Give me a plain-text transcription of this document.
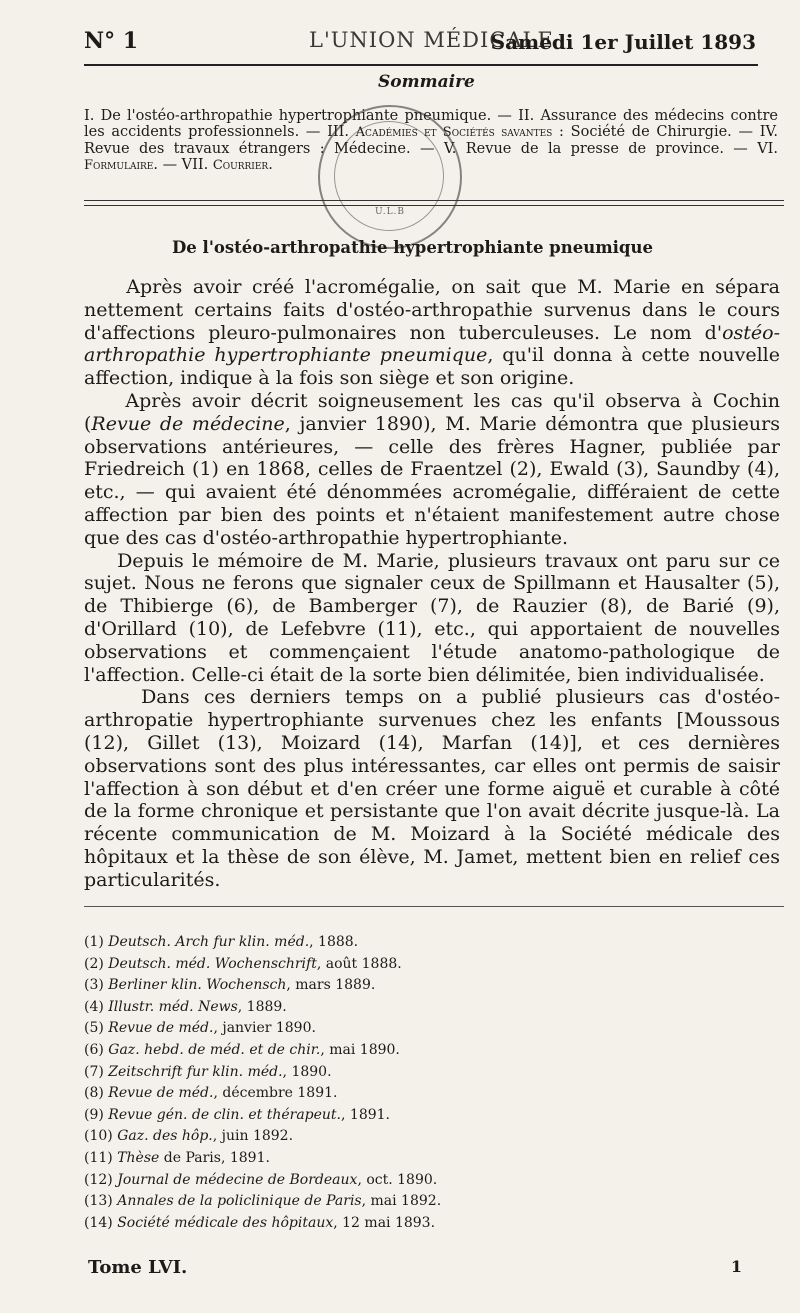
N° 1	L'UNION MÉDICALE
Samedi 1er Juillet 1893
Sommaire
I. De l'ostéo-arthropathie hypertrophiante pneumique. — II. Assurance des médecins contre les accidents professionnels. — III. Académies et Sociétés savantes : Société de Chirurgie. — IV. Revue des travaux étrangers : Médecine. — V. Revue de la presse de province. — VI. Formulaire. — VII. Courrier.
U.L.B
De l'ostéo-arthropathie hypertrophiante pneumique

Après avoir créé l'acromégalie, on sait que M. Marie en sépara nettement certains faits d'ostéo-arthropathie survenus dans le cours d'affections pleuro-pulmonaires non tuberculeuses. Le nom d'ostéo-arthropathie hypertrophiante pneumique, qu'il donna à cette nouvelle affection, indique à la fois son siège et son origine.

Après avoir décrit soigneusement les cas qu'il observa à Cochin (Revue de médecine, janvier 1890), M. Marie démontra que plusieurs observations antérieures, — celle des frères Hagner, publiée par Friedreich (1) en 1868, celles de Fraentzel (2), Ewald (3), Saundby (4), etc., — qui avaient été dénommées acromégalie, différaient de cette affection par bien des points et n'étaient manifestement autre chose que des cas d'ostéo-arthropathie hypertrophiante.

Depuis le mémoire de M. Marie, plusieurs travaux ont paru sur ce sujet. Nous ne ferons que signaler ceux de Spillmann et Hausalter (5), de Thibierge (6), de Bamberger (7), de Rauzier (8), de Barié (9), d'Orillard (10), de Lefebvre (11), etc., qui apportaient de nouvelles observations et commençaient l'étude anatomo-pathologique de l'affection. Celle-ci était de la sorte bien délimitée, bien individualisée.

Dans ces derniers temps on a publié plusieurs cas d'ostéo-arthropatie hypertrophiante survenues chez les enfants [Moussous (12), Gillet (13), Moizard (14), Marfan (14)], et ces dernières observations sont des plus intéressantes, car elles ont permis de saisir l'affection à son début et d'en créer une forme aiguë et curable à côté de la forme chronique et persistante que l'on avait décrite jusque-là. La récente communication de M. Moizard à la Société médicale des hôpitaux et la thèse de son élève, M. Jamet, mettent bien en relief ces particularités.

(1) Deutsch. Arch fur klin. méd., 1888.

(2) Deutsch. méd. Wochenschrift, août 1888.

(3) Berliner klin. Wochensch, mars 1889.

(4) Illustr. méd. News, 1889.

(5) Revue de méd., janvier 1890.

(6) Gaz. hebd. de méd. et de chir., mai 1890.

(7) Zeitschrift fur klin. méd., 1890.

(8) Revue de méd., décembre 1891.

(9) Revue gén. de clin. et thérapeut., 1891.

(10) Gaz. des hôp., juin 1892.

(11) Thèse de Paris, 1891.

(12) Journal de médecine de Bordeaux, oct. 1890.

(13) Annales de la policlinique de Paris, mai 1892.

(14) Société médicale des hôpitaux, 12 mai 1893.

Tome LVI.	1
